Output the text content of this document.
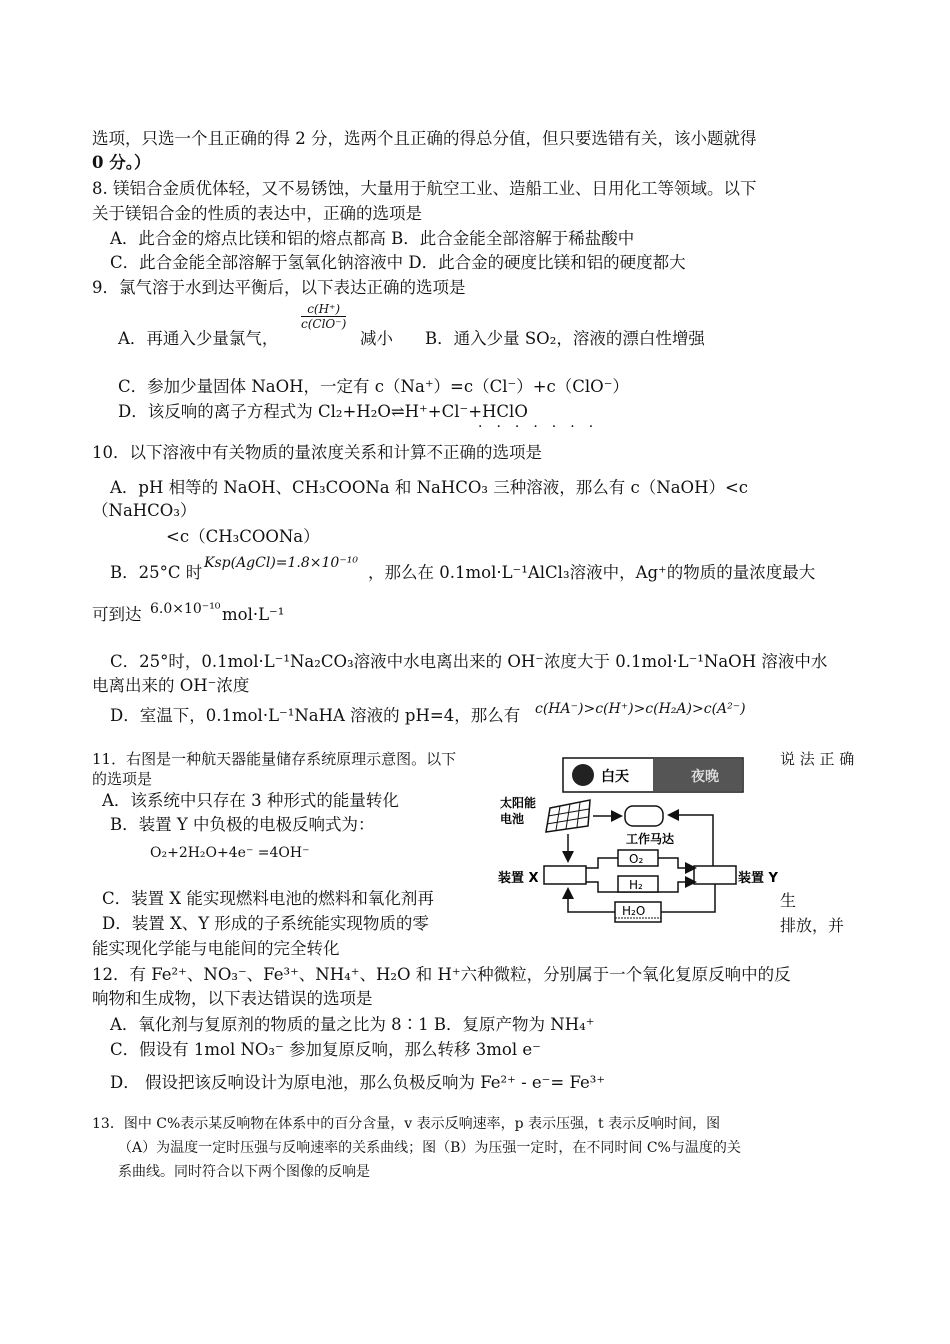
选项，只选一个且正确的得 2 分，选两个且正确的得总分值，但只要选错有关，该小题就得
0 分。）
8. 镁铝合金质优体轻，又不易锈蚀，大量用于航空工业、造船工业、日用化工等领域。以下
关于镁铝合金的性质的表达中，正确的选项是
A．此合金的熔点比镁和铝的熔点都高 B．此合金能全部溶解于稀盐酸中
C．此合金能全部溶解于氢氧化钠溶液中 D．此合金的硬度比镁和铝的硬度都大
9．氯气溶于水到达平衡后，以下表达正确的选项是
A．再通入少量氯气，
c(H⁺)
c(ClO⁻)
减小 B．通入少量 SO₂，溶液的漂白性增强
C．参加少量固体 NaOH，一定有 c（Na⁺）=c（Cl⁻）+c（ClO⁻）
D．该反响的离子方程式为 Cl₂+H₂O⇌H⁺+Cl⁻+HClO
·······
10．以下溶液中有关物质的量浓度关系和计算不正确的选项是
A．pH 相等的 NaOH、CH₃COONa 和 NaHCO₃ 三种溶液，那么有 c（NaOH）<c
（NaHCO₃）
<c（CH₃COONa）
B．25°C 时 Ksp(AgCl)=1.8×10⁻¹⁰ ，那么在 0.1mol·L⁻¹AlCl₃溶液中，Ag⁺的物质的量浓度最大
可到达 6.0×10⁻¹⁰ mol·L⁻¹
C．25°时，0.1mol·L⁻¹Na₂CO₃溶液中水电离出来的 OH⁻浓度大于 0.1mol·L⁻¹NaOH 溶液中水
电离出来的 OH⁻浓度
D．室温下，0.1mol·L⁻¹NaHA 溶液的 pH=4，那么有 c(HA⁻)>c(H⁺)>c(H₂A)>c(A²⁻)
11．右图是一种航天器能量储存系统原理示意图。以下	说 法 正 确
的选项是
A．该系统中只存在 3 种形式的能量转化
B．装置 Y 中负极的电极反响式为：
O₂+2H₂O+4e⁻ =4OH⁻
C．装置 X 能实现燃料电池的燃料和氧化剂再	生
D．装置 X、Y 形成的子系统能实现物质的零	排放，并
能实现化学能与电能间的完全转化
白天	夜晚
太阳能
电池
工作马达
装置 X	装置 Y
O₂
H₂
H₂O
12．有 Fe²⁺、NO₃⁻、Fe³⁺、NH₄⁺、H₂O 和 H⁺六种微粒，分别属于一个氧化复原反响中的反
响物和生成物，以下表达错误的选项是
A．氧化剂与复原剂的物质的量之比为 8∶1 B．复原产物为 NH₄⁺
C．假设有 1mol NO₃⁻ 参加复原反响，那么转移 3mol e⁻
D． 假设把该反响设计为原电池，那么负极反响为 Fe²⁺ - e⁻= Fe³⁺
13．图中 C%表示某反响物在体系中的百分含量，v 表示反响速率，p 表示压强，t 表示反响时间，图
（A）为温度一定时压强与反响速率的关系曲线；图（B）为压强一定时，在不同时间 C%与温度的关
系曲线。同时符合以下两个图像的反响是
